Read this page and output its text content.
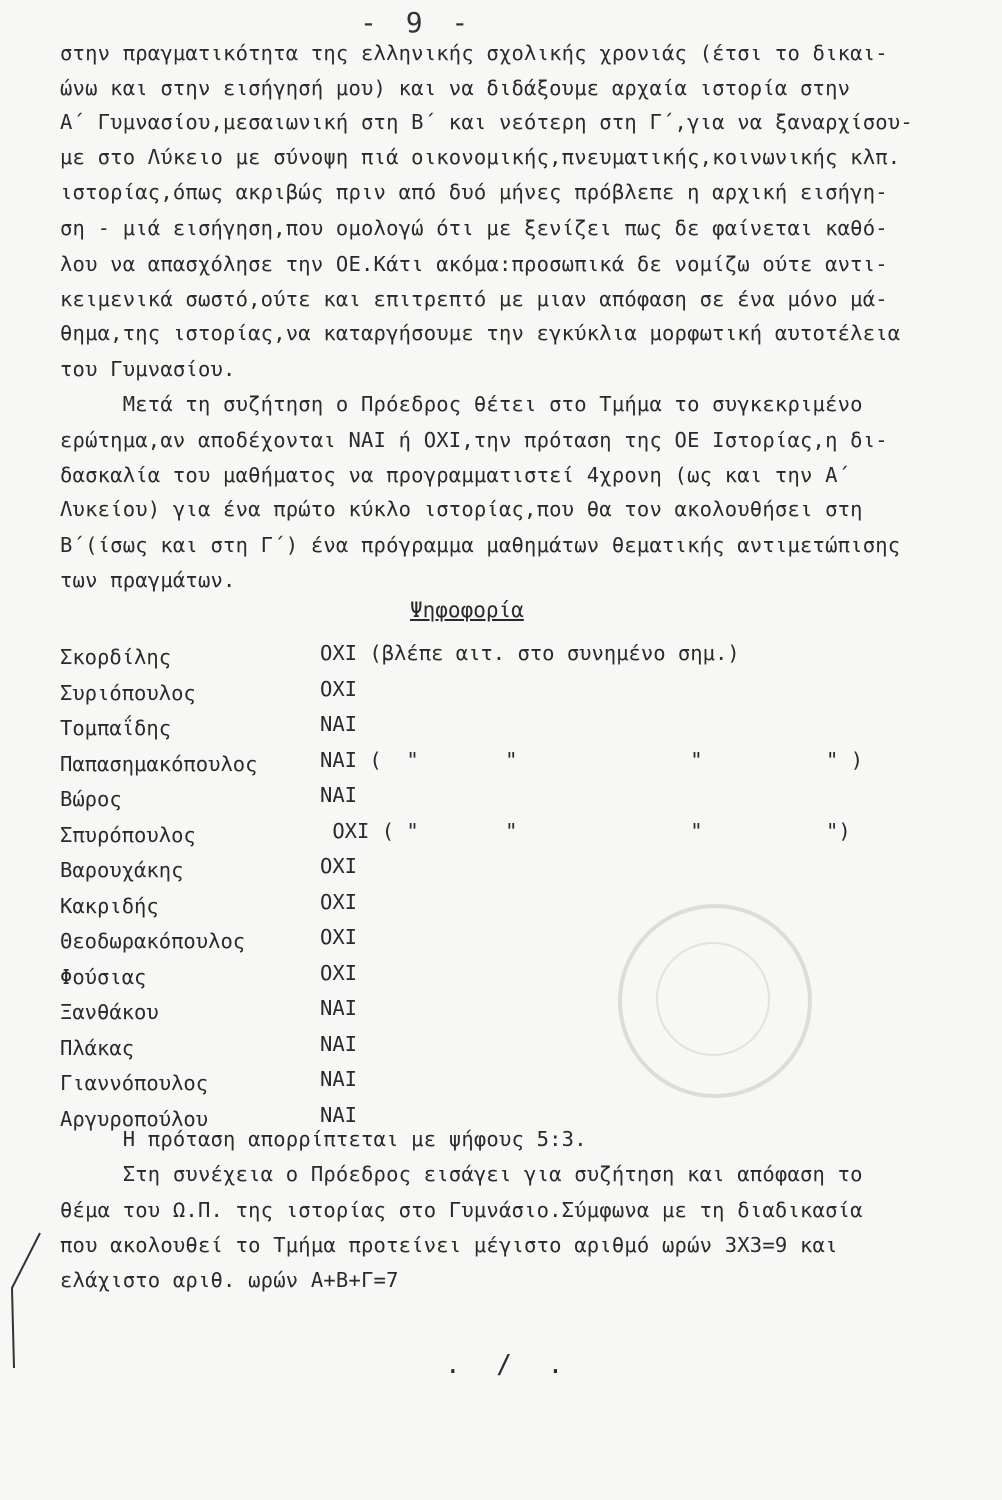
- 9 -
στην πραγματικότητα της ελληνικής σχολικής χρονιάς (έτσι το δικαι-
ώνω και στην εισήγησή μου) και να διδάξουμε αρχαία ιστορία στην
Α΄ Γυμνασίου,μεσαιωνική στη Β΄ και νεότερη στη Γ΄,για να ξαναρχίσου-
με στο Λύκειο με σύνοψη πιά οικονομικής,πνευματικής,κοινωνικής κλπ.
ιστορίας,όπως ακριβώς πριν από δυό μήνες πρόβλεπε η αρχική εισήγη-
ση - μιά εισήγηση,που ομολογώ ότι με ξενίζει πως δε φαίνεται καθό-
λου να απασχόλησε την ΟΕ.Κάτι ακόμα:προσωπικά δε νομίζω ούτε αντι-
κειμενικά σωστό,ούτε και επιτρεπτό με μιαν απόφαση σε ένα μόνο μά-
θημα,της ιστορίας,να καταργήσουμε την εγκύκλια μορφωτική αυτοτέλεια
του Γυμνασίου.
Μετά τη συζήτηση ο Πρόεδρος θέτει στο Τμήμα το συγκεκριμένο
ερώτημα,αν αποδέχονται ΝΑΙ ή ΟΧΙ,την πρόταση της ΟΕ Ιστορίας,η δι-
δασκαλία του μαθήματος να προγραμματιστεί 4χρονη (ως και την Α΄
Λυκείου) για ένα πρώτο κύκλο ιστορίας,που θα τον ακολουθήσει στη
Β΄(ίσως και στη Γ΄) ένα πρόγραμμα μαθημάτων θεματικής αντιμετώπισης
των πραγμάτων.
Ψηφοφορία
Σκορδίλης	ΟΧΙ (βλέπε αιτ. στο συνημένο σημ.)
Συριόπουλος	ΟΧΙ
Τομπαΐδης	ΝΑΙ
Παπασημακόπουλος	ΝΑΙ (  "       "              "          " )
Βώρος	ΝΑΙ
Σπυρόπουλος	ΟΧΙ ( "       "              "          ")
Βαρουχάκης	ΟΧΙ
Κακριδής	ΟΧΙ
Θεοδωρακόπουλος	ΟΧΙ
Φούσιας	ΟΧΙ
Ξανθάκου	ΝΑΙ
Πλάκας	ΝΑΙ
Γιαννόπουλος	ΝΑΙ
Αργυροπούλου	ΝΑΙ
Η πρόταση απορρίπτεται με ψήφους 5:3.
Στη συνέχεια ο Πρόεδρος εισάγει για συζήτηση και απόφαση το
θέμα του Ω.Π. της ιστορίας στο Γυμνάσιο.Σύμφωνα με τη διαδικασία
που ακολουθεί το Τμήμα προτείνει μέγιστο αριθμό ωρών 3Χ3=9 και
ελάχιστο αριθ. ωρών Α+Β+Γ=7
. / .
